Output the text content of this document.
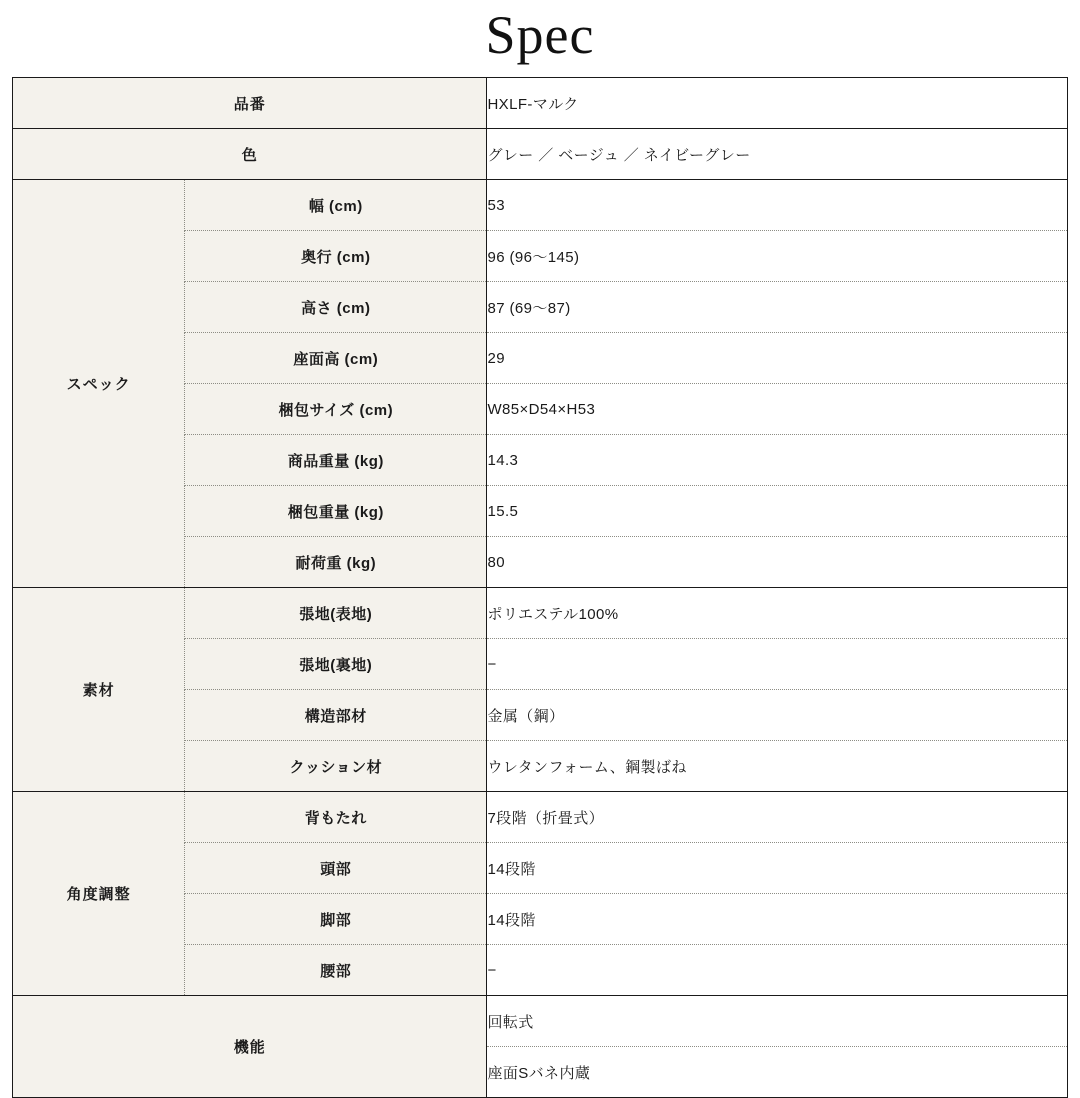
Spec
品番		HXLF-マルク
色		グレー ／ ベージュ ／ ネイビーグレー
スペック	幅 (cm)	53
	奥行 (cm)	96 (96〜145)
	高さ (cm)	87 (69〜87)
	座面高 (cm)	29
	梱包サイズ (cm)	W85×D54×H53
	商品重量 (kg)	14.3
	梱包重量 (kg)	15.5
	耐荷重 (kg)	80
素材	張地(表地)	ポリエステル100%
	張地(裏地)	−
	構造部材	金属（鋼）
	クッション材	ウレタンフォーム、鋼製ばね
角度調整	背もたれ	7段階（折畳式）
	頭部	14段階
	脚部	14段階
	腰部	−
機能		回転式
		座面Sバネ内蔵
